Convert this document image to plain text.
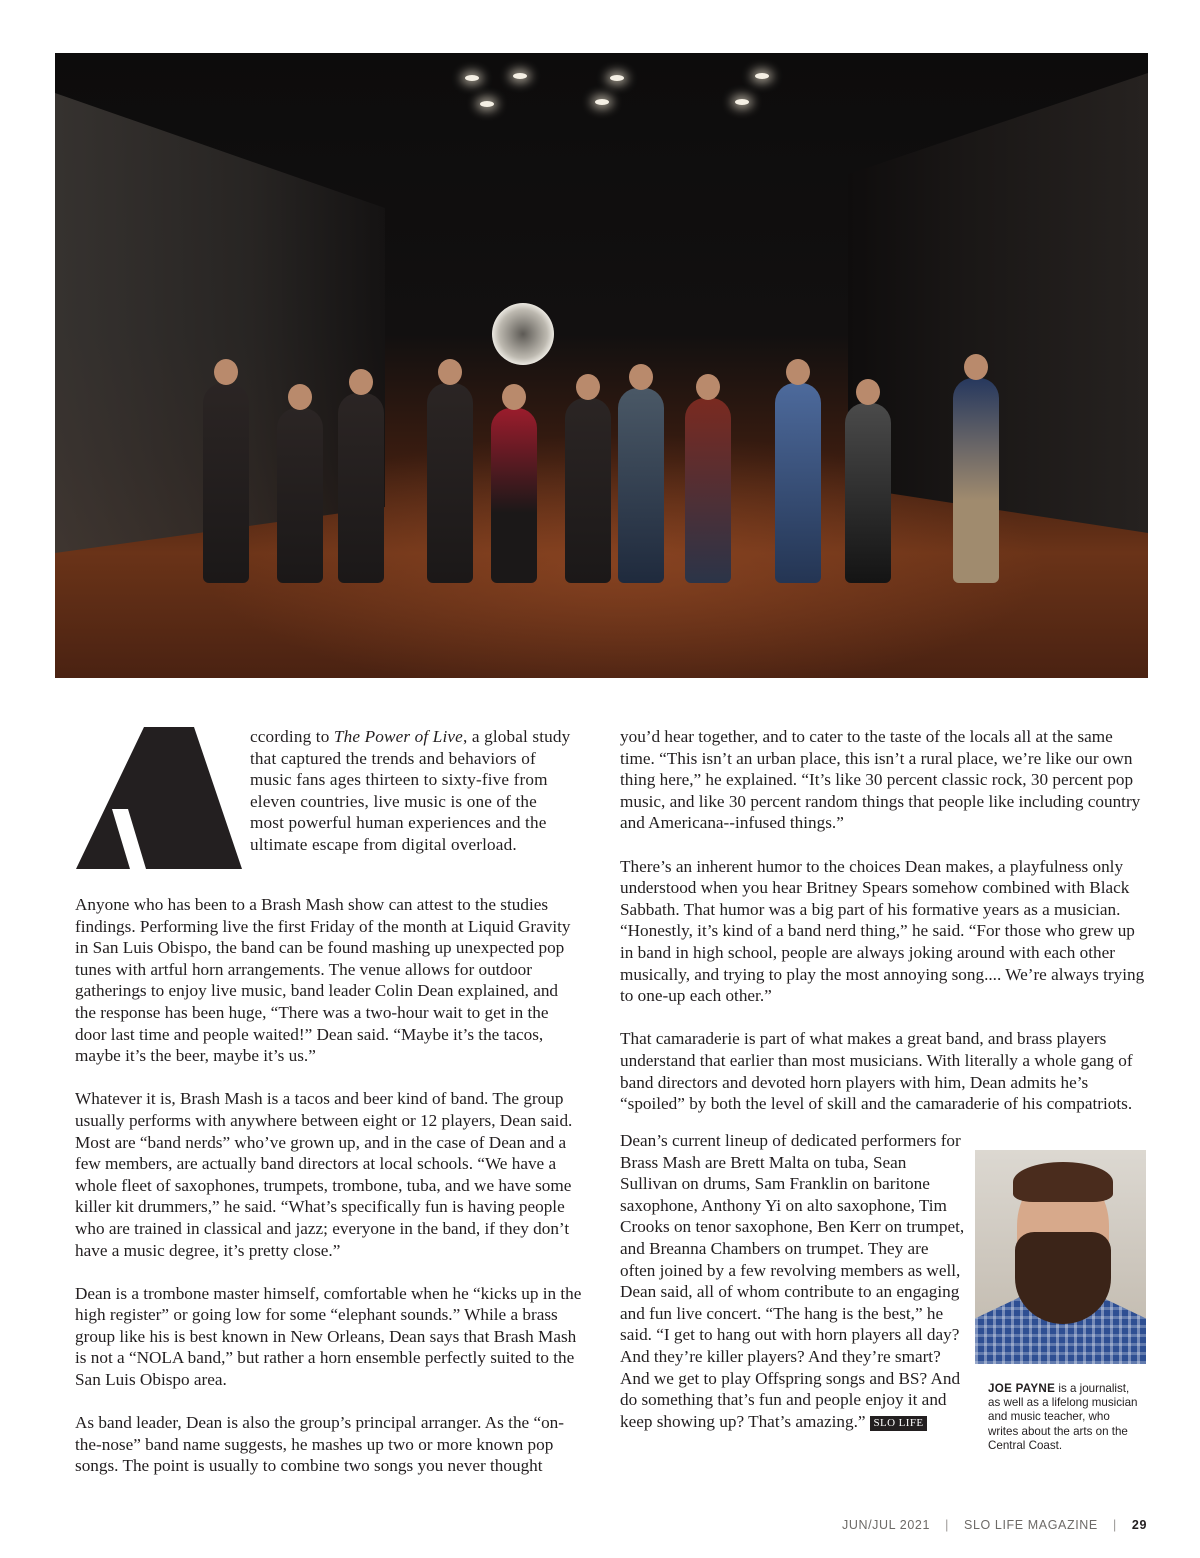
ccording to The Power of Live, a global study that captured the trends and behaviors of music fans ages thirteen to sixty-five from eleven countries, live music is one of the most powerful human experiences and the ultimate escape from digital overload.

Anyone who has been to a Brash Mash show can attest to the studies findings. Performing live the first Friday of the month at Liquid Gravity in San Luis Obispo, the band can be found mashing up unexpected pop tunes with artful horn arrangements. The venue allows for outdoor gatherings to enjoy live music, band leader Colin Dean explained, and the response has been huge, “There was a two-hour wait to get in the door last time and people waited!” Dean said. “Maybe it’s the tacos, maybe it’s the beer, maybe it’s us.”

Whatever it is, Brash Mash is a tacos and beer kind of band. The group usually performs with anywhere between eight or 12 players, Dean said. Most are “band nerds” who’ve grown up, and in the case of Dean and a few members, are actually band directors at local schools. “We have a whole fleet of saxophones, trumpets, trombone, tuba, and we have some killer kit drummers,” he said. “What’s specifically fun is having people who are trained in classical and jazz; everyone in the band, if they don’t have a music degree, it’s pretty close.”

Dean is a trombone master himself, comfortable when he “kicks up in the high register” or going low for some “elephant sounds.” While a brass group like his is best known in New Orleans, Dean says that Brash Mash is not a “NOLA band,” but rather a horn ensemble perfectly suited to the San Luis Obispo area.

As band leader, Dean is also the group’s principal arranger. As the “on-the-nose” band name suggests, he mashes up two or more known pop songs. The point is usually to combine two songs you never thought

you’d hear together, and to cater to the taste of the locals all at the same time. “This isn’t an urban place, this isn’t a rural place, we’re like our own thing here,” he explained. “It’s like 30 percent classic rock, 30 percent pop music, and like 30 percent random things that people like including country and Americana--infused things.”

There’s an inherent humor to the choices Dean makes, a playfulness only understood when you hear Britney Spears somehow combined with Black Sabbath. That humor was a big part of his formative years as a musician. “Honestly, it’s kind of a band nerd thing,” he said. “For those who grew up in band in high school, people are always joking around with each other musically, and trying to play the most annoying song.... We’re always trying to one-up each other.”

That camaraderie is part of what makes a great band, and brass players understand that earlier than most musicians. With literally a whole gang of band directors and devoted horn players with him, Dean admits he’s “spoiled” by both the level of skill and the camaraderie of his compatriots.

Dean’s current lineup of dedicated performers for Brass Mash are Brett Malta on tuba, Sean Sullivan on drums, Sam Franklin on baritone saxophone, Anthony Yi on alto saxophone, Tim Crooks on tenor saxophone, Ben Kerr on trumpet, and Breanna Chambers on trumpet. They are often joined by a few revolving members as well, Dean said, all of whom contribute to an engaging and fun live concert. “The hang is the best,” he said. “I get to hang out with horn players all day? And they’re killer players? And they’re smart? And we get to play Offspring songs and BS? And do something that’s fun and people enjoy it and keep showing up? That’s amazing.” SLO LIFE

JOE PAYNE is a journalist, as well as a lifelong musician and music teacher, who writes about the arts on the Central Coast.
JUN/JUL 2021 | SLO LIFE MAGAZINE | 29
